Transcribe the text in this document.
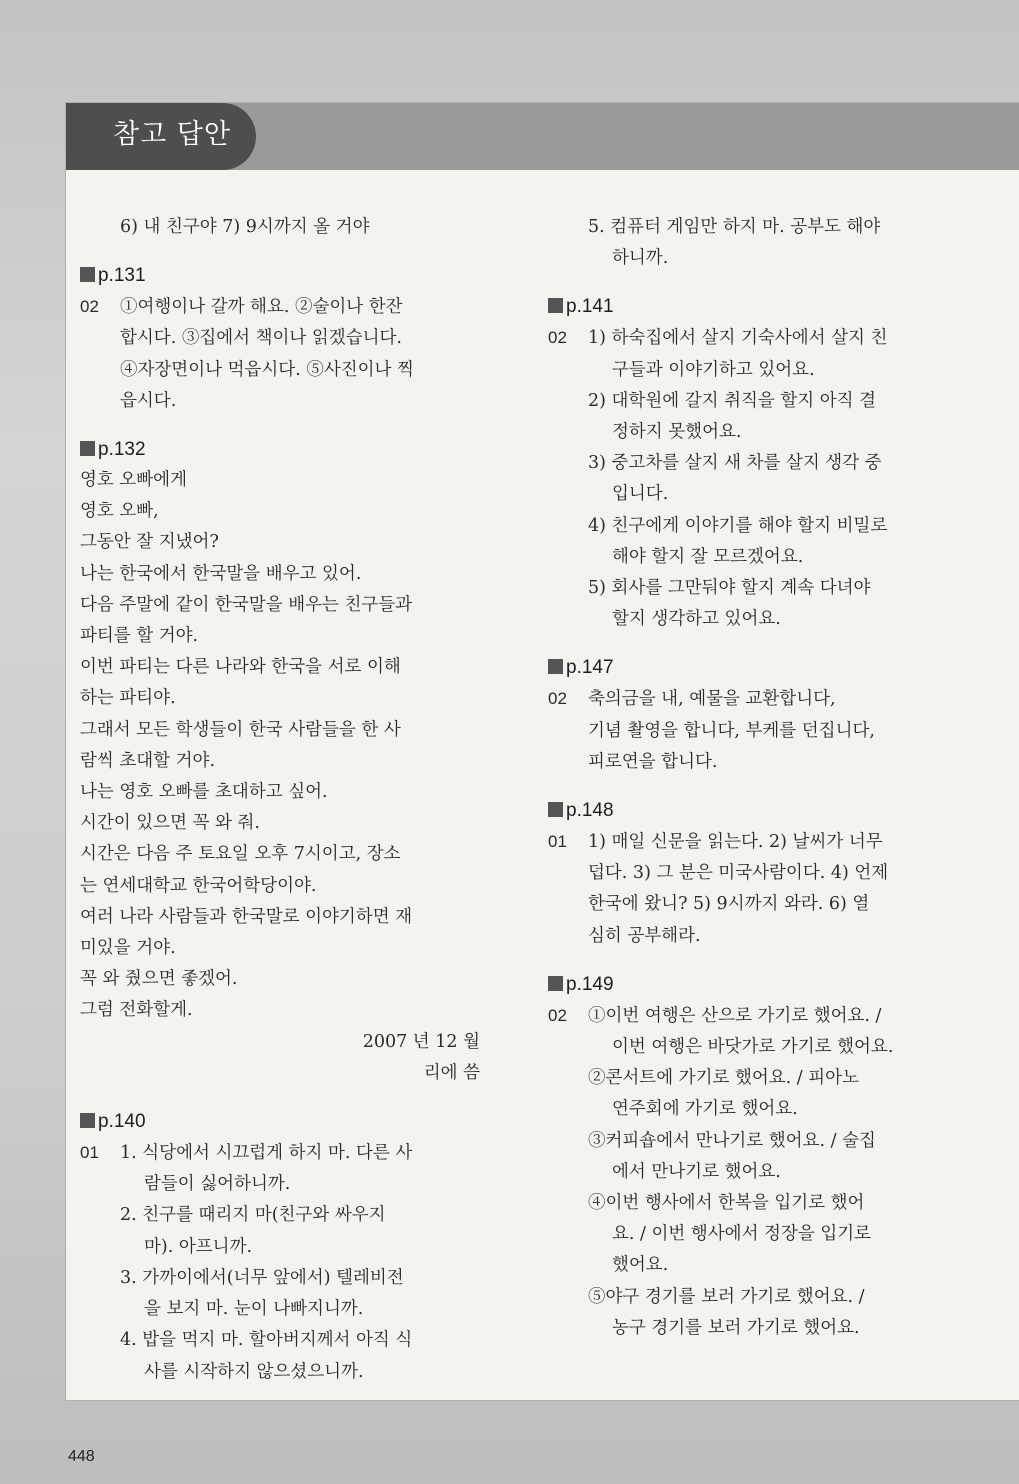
참고 답안
6) 내 친구야 7) 9시까지 올 거야
p.131
02 ①여행이나 갈까 해요. ②술이나 한잔
합시다. ③집에서 책이나 읽겠습니다.
④자장면이나 먹읍시다. ⑤사진이나 찍
읍시다.
p.132
영호 오빠에게
영호 오빠,
그동안 잘 지냈어?
나는 한국에서 한국말을 배우고 있어.
다음 주말에 같이 한국말을 배우는 친구들과
파티를 할 거야.
이번 파티는 다른 나라와 한국을 서로 이해
하는 파티야.
그래서 모든 학생들이 한국 사람들을 한 사
람씩 초대할 거야.
나는 영호 오빠를 초대하고 싶어.
시간이 있으면 꼭 와 줘.
시간은 다음 주 토요일 오후 7시이고, 장소
는 연세대학교 한국어학당이야.
여러 나라 사람들과 한국말로 이야기하면 재
미있을 거야.
꼭 와 줬으면 좋겠어.
그럼 전화할게.
2007 년 12 월
리에 씀
p.140
01 1. 식당에서 시끄럽게 하지 마. 다른 사
람들이 싫어하니까.
2. 친구를 때리지 마(친구와 싸우지
마). 아프니까.
3. 가까이에서(너무 앞에서) 텔레비전
을 보지 마. 눈이 나빠지니까.
4. 밥을 먹지 마. 할아버지께서 아직 식
사를 시작하지 않으셨으니까.
5. 컴퓨터 게임만 하지 마. 공부도 해야
하니까.
p.141
02 1) 하숙집에서 살지 기숙사에서 살지 친
구들과 이야기하고 있어요.
2) 대학원에 갈지 취직을 할지 아직 결
정하지 못했어요.
3) 중고차를 살지 새 차를 살지 생각 중
입니다.
4) 친구에게 이야기를 해야 할지 비밀로
해야 할지 잘 모르겠어요.
5) 회사를 그만둬야 할지 계속 다녀야
할지 생각하고 있어요.
p.147
02 축의금을 내, 예물을 교환합니다,
기념 촬영을 합니다, 부케를 던집니다,
피로연을 합니다.
p.148
01 1) 매일 신문을 읽는다. 2) 날씨가 너무
덥다. 3) 그 분은 미국사람이다. 4) 언제
한국에 왔니? 5) 9시까지 와라. 6) 열
심히 공부해라.
p.149
02 ①이번 여행은 산으로 가기로 했어요. /
이번 여행은 바닷가로 가기로 했어요.
②콘서트에 가기로 했어요. / 피아노
연주회에 가기로 했어요.
③커피숍에서 만나기로 했어요. / 술집
에서 만나기로 했어요.
④이번 행사에서 한복을 입기로 했어
요. / 이번 행사에서 정장을 입기로
했어요.
⑤야구 경기를 보러 가기로 했어요. /
농구 경기를 보러 가기로 했어요.
448
